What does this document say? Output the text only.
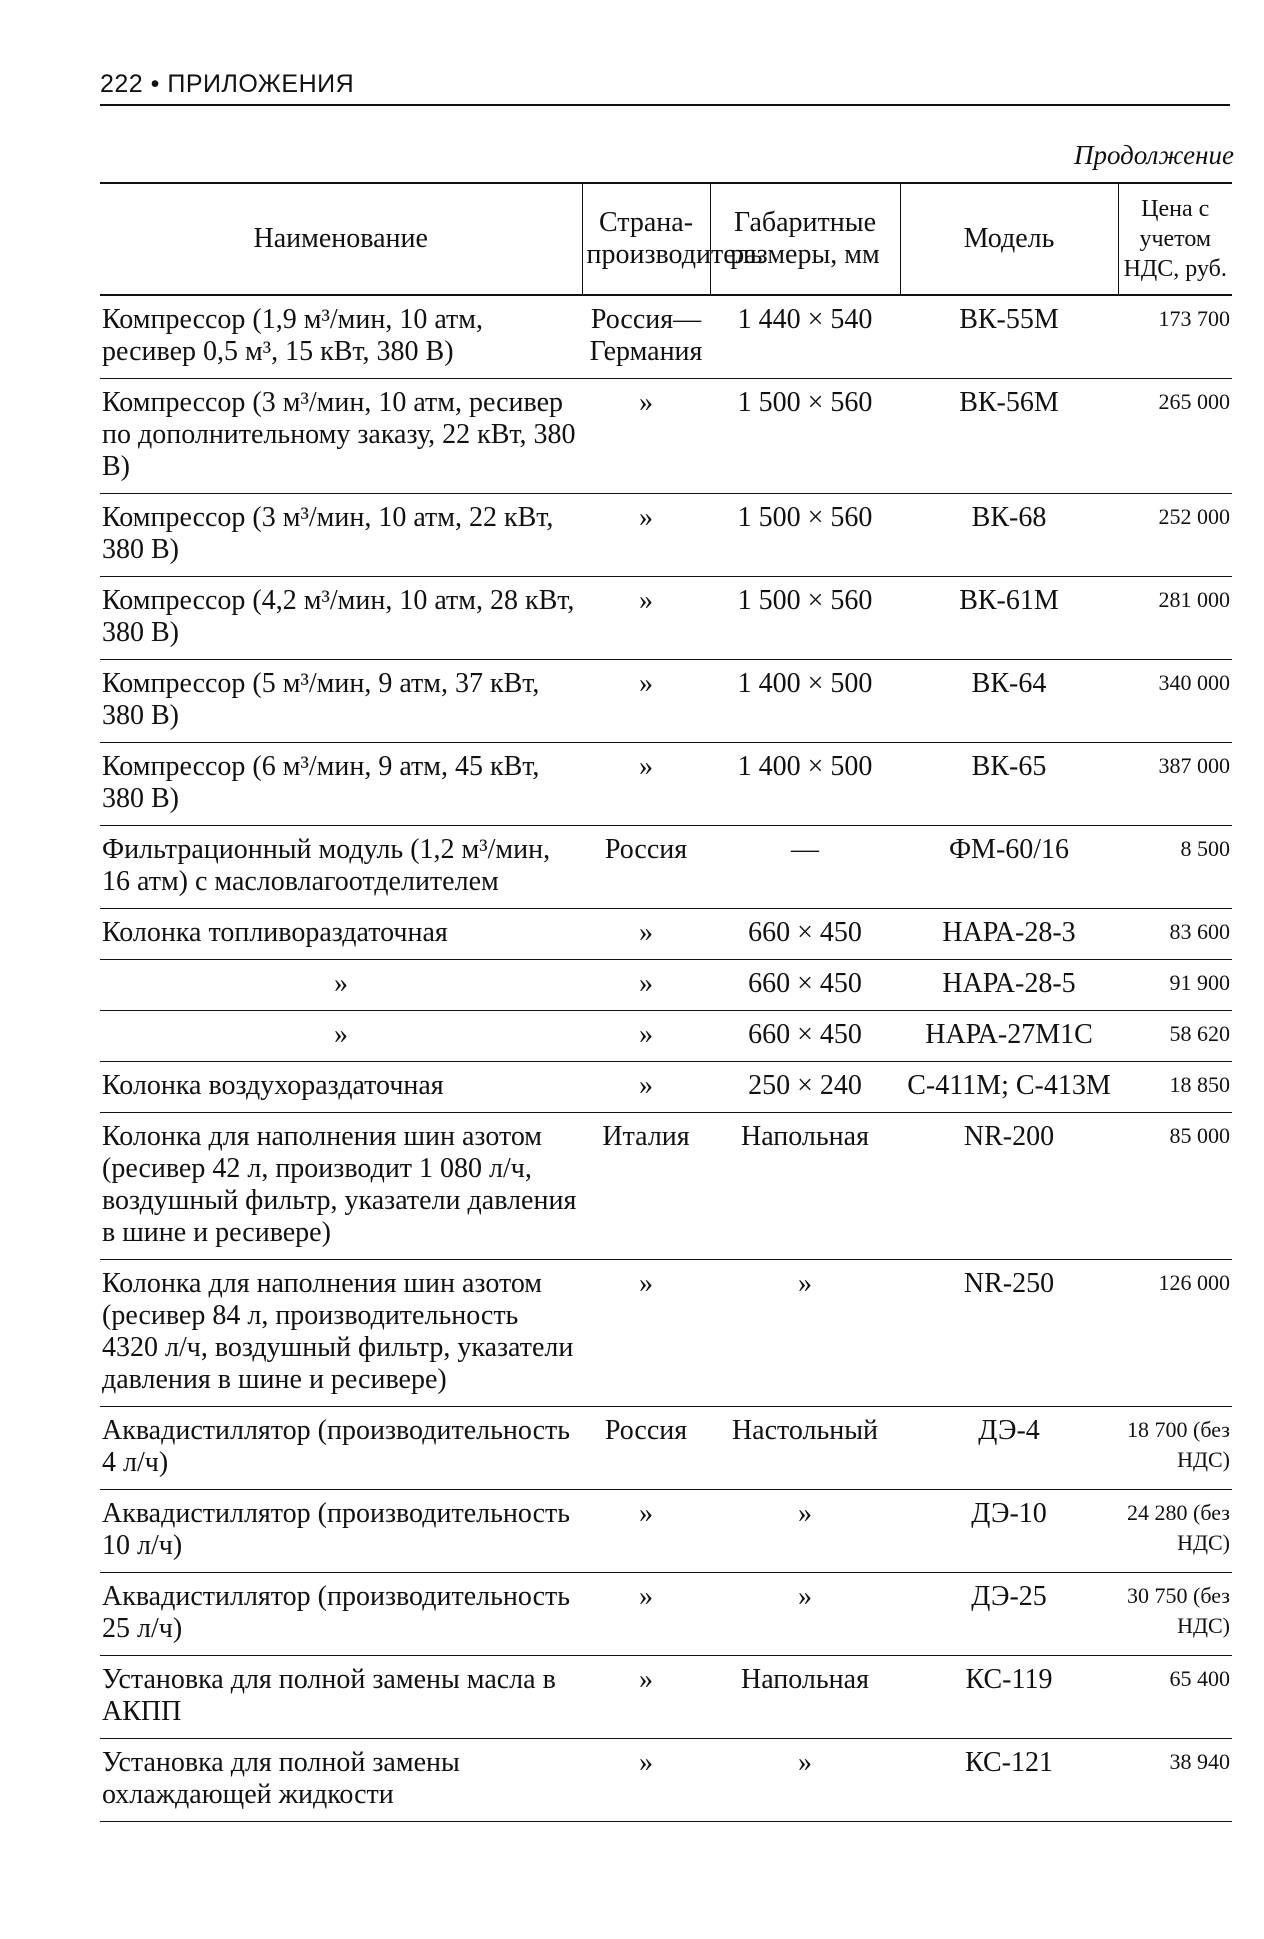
222 • ПРИЛОЖЕНИЯ
Продолжение
Наименование	Страна-производитель	Габаритные размеры, мм	Модель	Цена с учетом НДС, руб.
Компрессор (1,9 м³/мин, 10 атм, ресивер 0,5 м³, 15 кВт, 380 В)	Россия—Германия	1 440 × 540	ВК-55М	173 700
Компрессор (3 м³/мин, 10 атм, ресивер по дополнительному заказу, 22 кВт, 380 В)	»	1 500 × 560	ВК-56М	265 000
Компрессор (3 м³/мин, 10 атм, 22 кВт, 380 В)	»	1 500 × 560	ВК-68	252 000
Компрессор (4,2 м³/мин, 10 атм, 28 кВт, 380 В)	»	1 500 × 560	ВК-61М	281 000
Компрессор (5 м³/мин, 9 атм, 37 кВт, 380 В)	»	1 400 × 500	ВК-64	340 000
Компрессор (6 м³/мин, 9 атм, 45 кВт, 380 В)	»	1 400 × 500	ВК-65	387 000
Фильтрационный модуль (1,2 м³/мин, 16 атм) с масловлагоотделителем	Россия	—	ФМ-60/16	8 500
Колонка топливораздаточная	»	660 × 450	НАРА-28-3	83 600
»	»	660 × 450	НАРА-28-5	91 900
»	»	660 × 450	НАРА-27М1С	58 620
Колонка воздухораздаточная	»	250 × 240	С-411М; С-413М	18 850
Колонка для наполнения шин азотом (ресивер 42 л, производит 1 080 л/ч, воздушный фильтр, указатели давления в шине и ресивере)	Италия	Напольная	NR-200	85 000
Колонка для наполнения шин азотом (ресивер 84 л, производительность 4320 л/ч, воздушный фильтр, указатели давления в шине и ресивере)	»	»	NR-250	126 000
Аквадистиллятор (производительность 4 л/ч)	Россия	Настольный	ДЭ-4	18 700 (без НДС)
Аквадистиллятор (производительность 10 л/ч)	»	»	ДЭ-10	24 280 (без НДС)
Аквадистиллятор (производительность 25 л/ч)	»	»	ДЭ-25	30 750 (без НДС)
Установка для полной замены масла в АКПП	»	Напольная	КС-119	65 400
Установка для полной замены охлаждающей жидкости	»	»	КС-121	38 940
